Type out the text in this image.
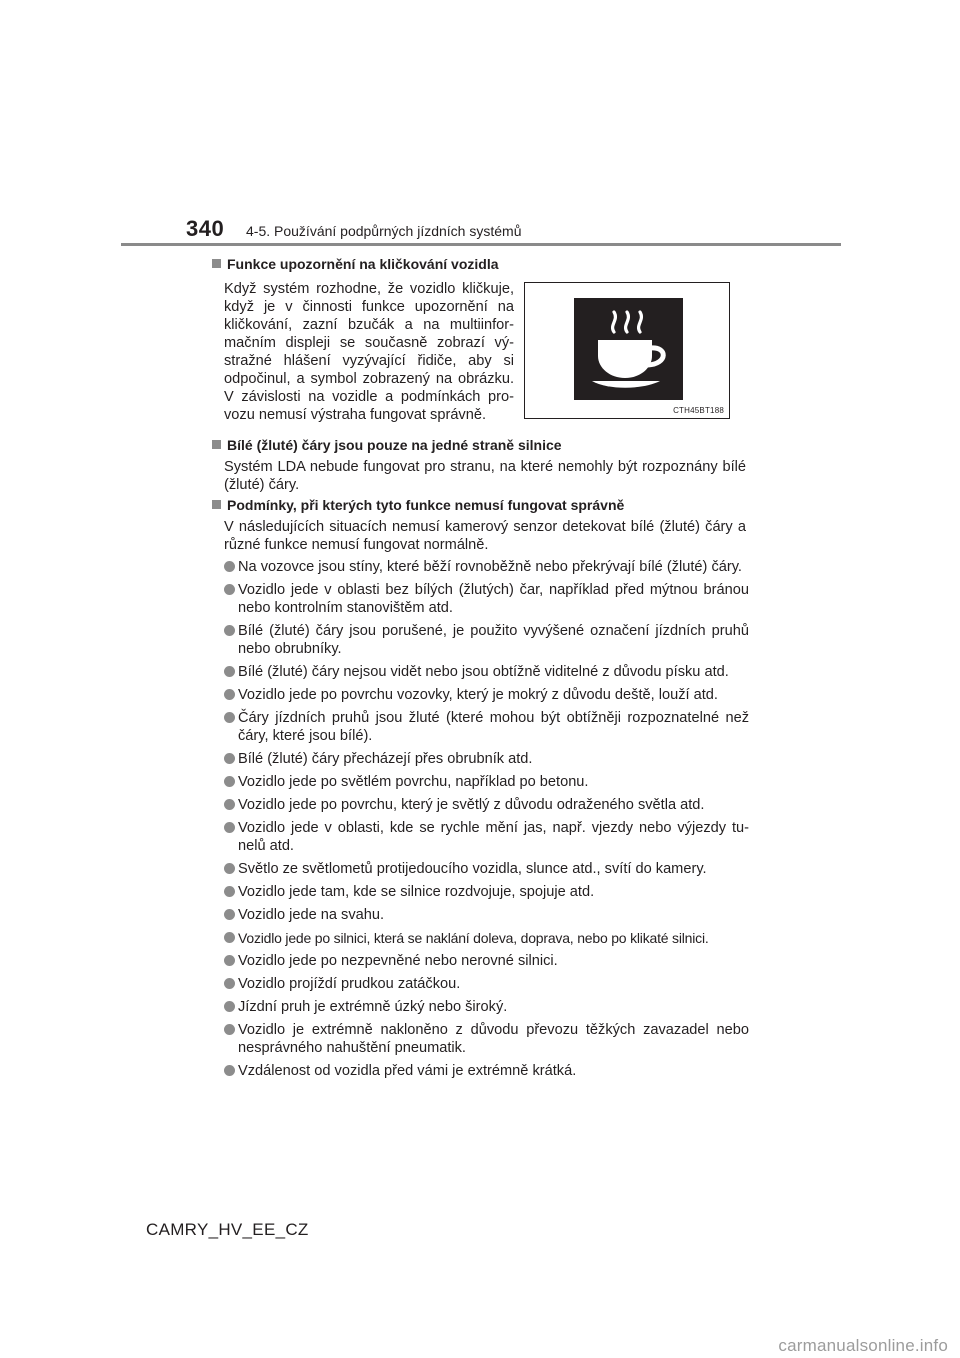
340 4-5. Používání podpůrných jízdních systémů
Funkce upozornění na kličkování vozidla
Když systém rozhodne, že vozidlo kličkuje, když je v činnosti funkce upozornění na kličkování, zazní bzučák a na multiinfor-mačním displeji se současně zobrazí vý-stražné hlášení vyzývající řidiče, aby si odpočinul, a symbol zobrazený na obrázku. V závislosti na vozidle a podmínkách pro-vozu nemusí výstraha fungovat správně.	CTH45BT188
Bílé (žluté) čáry jsou pouze na jedné straně silnice
Systém LDA nebude fungovat pro stranu, na které nemohly být rozpoznány bílé (žluté) čáry.
Podmínky, při kterých tyto funkce nemusí fungovat správně
V následujících situacích nemusí kamerový senzor detekovat bílé (žluté) čáry a různé funkce nemusí fungovat normálně.
Na vozovce jsou stíny, které běží rovnoběžně nebo překrývají bílé (žluté) čáry.
Vozidlo jede v oblasti bez bílých (žlutých) čar, například před mýtnou bránou nebo kontrolním stanovištěm atd.
Bílé (žluté) čáry jsou porušené, je použito vyvýšené označení jízdních pruhů nebo obrubníky.
Bílé (žluté) čáry nejsou vidět nebo jsou obtížně viditelné z důvodu písku atd.
Vozidlo jede po povrchu vozovky, který je mokrý z důvodu deště, louží atd.
Čáry jízdních pruhů jsou žluté (které mohou být obtížněji rozpoznatelné než čáry, které jsou bílé).
Bílé (žluté) čáry přecházejí přes obrubník atd.
Vozidlo jede po světlém povrchu, například po betonu.
Vozidlo jede po povrchu, který je světlý z důvodu odraženého světla atd.
Vozidlo jede v oblasti, kde se rychle mění jas, např. vjezdy nebo výjezdy tu-nelů atd.
Světlo ze světlometů protijedoucího vozidla, slunce atd., svítí do kamery.
Vozidlo jede tam, kde se silnice rozdvojuje, spojuje atd.
Vozidlo jede na svahu.
Vozidlo jede po silnici, která se naklání doleva, doprava, nebo po klikaté silnici.
Vozidlo jede po nezpevněné nebo nerovné silnici.
Vozidlo projíždí prudkou zatáčkou.
Jízdní pruh je extrémně úzký nebo široký.
Vozidlo je extrémně nakloněno z důvodu převozu těžkých zavazadel nebo nesprávného nahuštění pneumatik.
Vzdálenost od vozidla před vámi je extrémně krátká.
CAMRY_HV_EE_CZ
carmanualsonline.info
